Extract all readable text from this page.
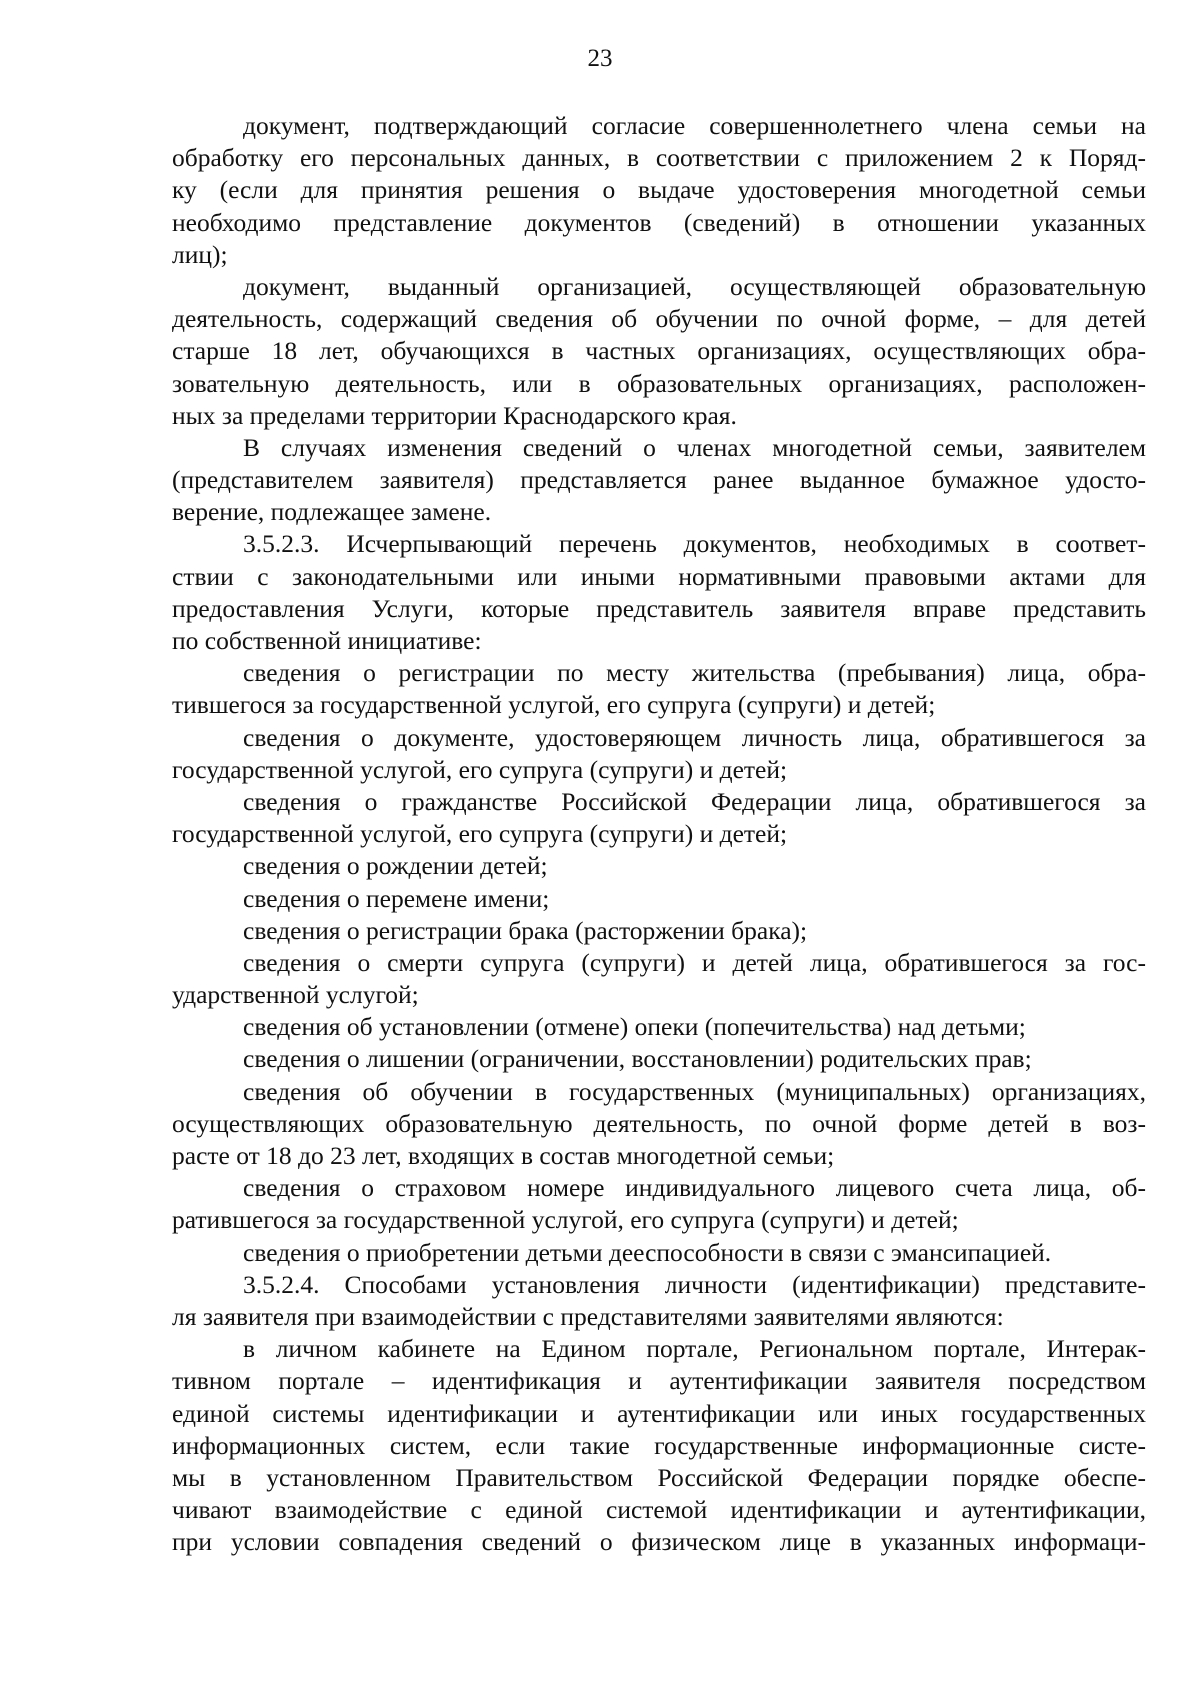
23
документ, подтверждающий согласие совершеннолетнего члена семьи на
обработку его персональных данных, в соответствии с приложением 2 к Поряд-
ку (если для принятия решения о выдаче удостоверения многодетной семьи
необходимо представление документов (сведений) в отношении указанных
лиц);
документ, выданный организацией, осуществляющей образовательную
деятельность, содержащий сведения об обучении по очной форме, – для детей
старше 18 лет, обучающихся в частных организациях, осуществляющих обра-
зовательную деятельность, или в образовательных организациях, расположен-
ных за пределами территории Краснодарского края.
В случаях изменения сведений о членах многодетной семьи, заявителем
(представителем заявителя) представляется ранее выданное бумажное удосто-
верение, подлежащее замене.
3.5.2.3. Исчерпывающий перечень документов, необходимых в соответ-
ствии с законодательными или иными нормативными правовыми актами для
предоставления Услуги, которые представитель заявителя вправе представить
по собственной инициативе:
сведения о регистрации по месту жительства (пребывания) лица, обра-
тившегося за государственной услугой, его супруга (супруги) и детей;
сведения о документе, удостоверяющем личность лица, обратившегося за
государственной услугой, его супруга (супруги) и детей;
сведения о гражданстве Российской Федерации лица, обратившегося за
государственной услугой, его супруга (супруги) и детей;
сведения о рождении детей;
сведения о перемене имени;
сведения о регистрации брака (расторжении брака);
сведения о смерти супруга (супруги) и детей лица, обратившегося за гос-
ударственной услугой;
сведения об установлении (отмене) опеки (попечительства) над детьми;
сведения о лишении (ограничении, восстановлении) родительских прав;
сведения об обучении в государственных (муниципальных) организациях,
осуществляющих образовательную деятельность, по очной форме детей в воз-
расте от 18 до 23 лет, входящих в состав многодетной семьи;
сведения о страховом номере индивидуального лицевого счета лица, об-
ратившегося за государственной услугой, его супруга (супруги) и детей;
сведения о приобретении детьми дееспособности в связи с эмансипацией.
3.5.2.4. Способами установления личности (идентификации) представите-
ля заявителя при взаимодействии с представителями заявителями являются:
в личном кабинете на Едином портале, Региональном портале, Интерак-
тивном портале – идентификация и аутентификации заявителя посредством
единой системы идентификации и аутентификации или иных государственных
информационных систем, если такие государственные информационные систе-
мы в установленном Правительством Российской Федерации порядке обеспе-
чивают взаимодействие с единой системой идентификации и аутентификации,
при условии совпадения сведений о физическом лице в указанных информаци-
